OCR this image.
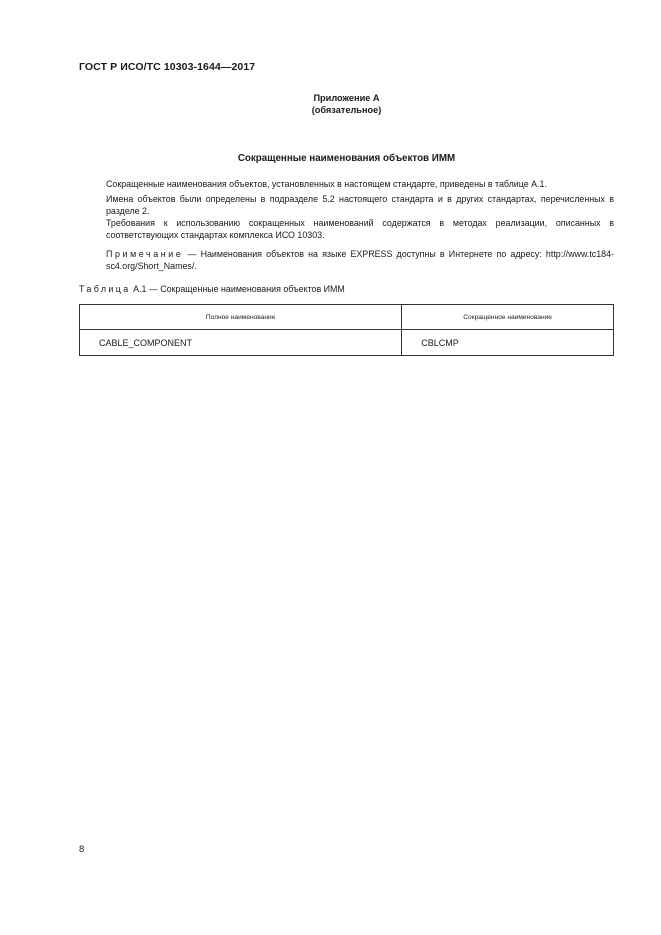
ГОСТ Р ИСО/ТС 10303-1644—2017
Приложение А
(обязательное)
Сокращенные наименования объектов ИММ
Сокращенные наименования объектов, установленных в настоящем стандарте, приведены в таблице А.1.
Имена объектов были определены в подразделе 5.2 настоящего стандарта и в других стандартах, перечисленных в разделе 2.
Требования к использованию сокращенных наименований содержатся в методах реализации, описанных в соответствующих стандартах комплекса ИСО 10303.
Примечание — Наименования объектов на языке EXPRESS доступны в Интернете по адресу: http://www.tc184-sc4.org/Short_Names/.
Таблица А.1 — Сокращенные наименования объектов ИММ
Полное наименование	Сокращенное наименование
CABLE_COMPONENT	CBLCMP
8
